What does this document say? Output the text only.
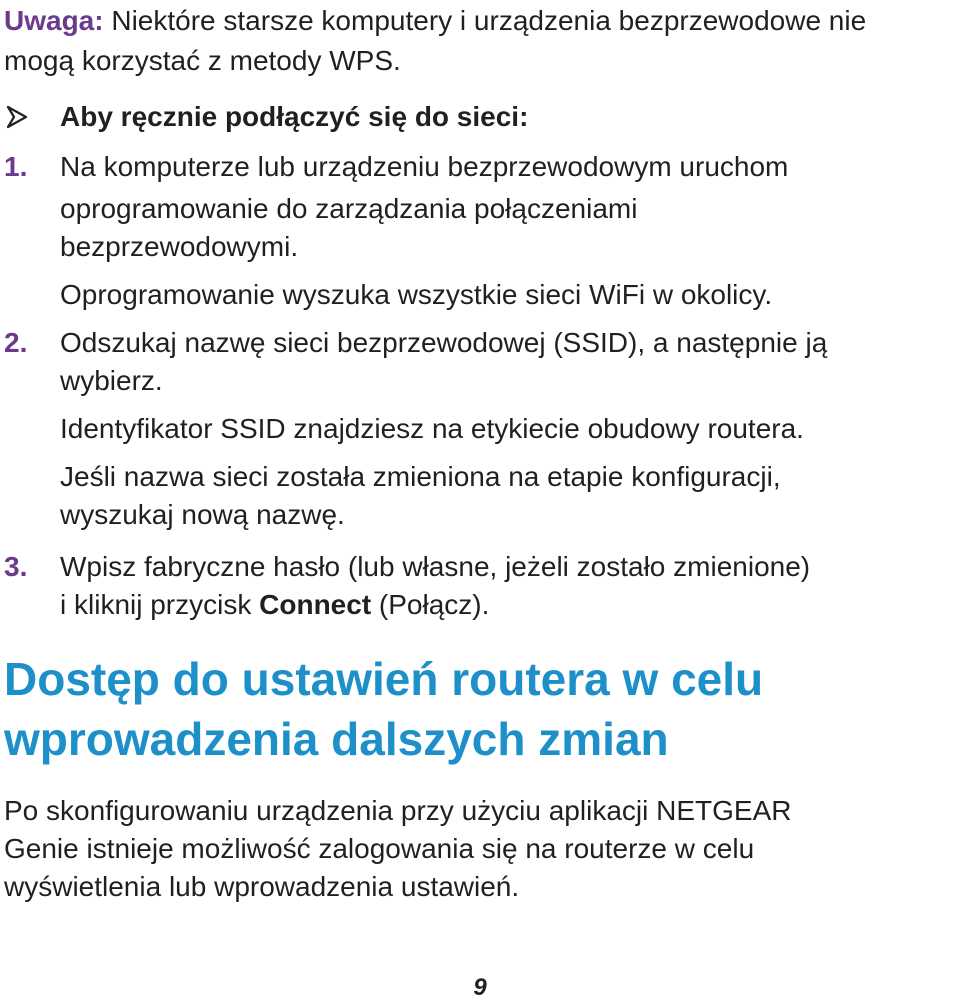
Uwaga: Niektóre starsze komputery i urządzenia bezprzewodowe nie
mogą korzystać z metody WPS.
Aby ręcznie podłączyć się do sieci:
1. Na komputerze lub urządzeniu bezprzewodowym uruchom
oprogramowanie do zarządzania połączeniami
bezprzewodowymi.
Oprogramowanie wyszuka wszystkie sieci WiFi w okolicy.
2. Odszukaj nazwę sieci bezprzewodowej (SSID), a następnie ją
wybierz.
Identyfikator SSID znajdziesz na etykiecie obudowy routera.
Jeśli nazwa sieci została zmieniona na etapie konfiguracji,
wyszukaj nową nazwę.
3. Wpisz fabryczne hasło (lub własne, jeżeli zostało zmienione)
i kliknij przycisk Connect (Połącz).
Dostęp do ustawień routera w celu
wprowadzenia dalszych zmian
Po skonfigurowaniu urządzenia przy użyciu aplikacji NETGEAR
Genie istnieje możliwość zalogowania się na routerze w celu
wyświetlenia lub wprowadzenia ustawień.
9
